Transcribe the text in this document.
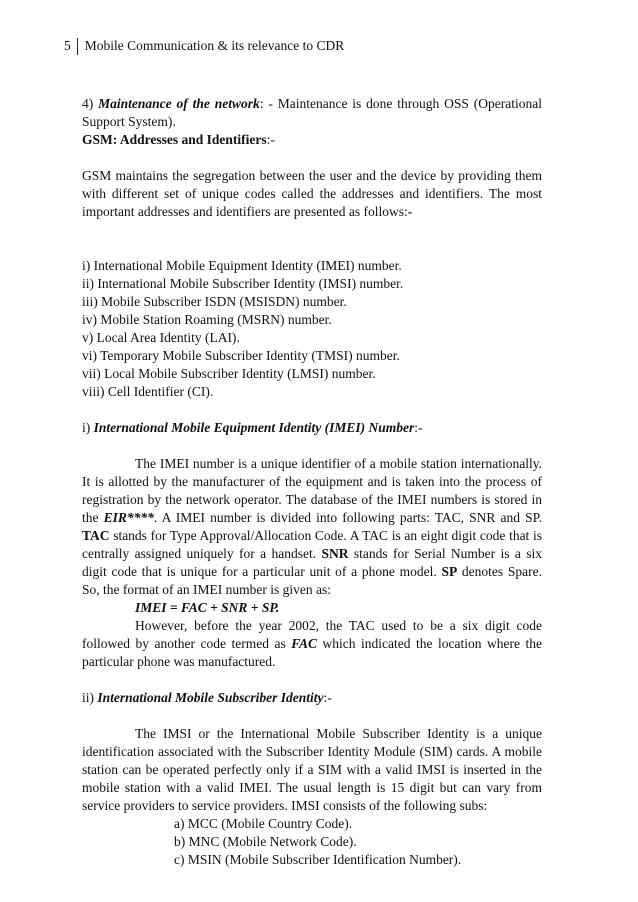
5	Mobile Communication & its relevance to CDR

4) Maintenance of the network: - Maintenance is done through OSS (Operational Support System).

GSM: Addresses and Identifiers:-

GSM maintains the segregation between the user and the device by providing them with different set of unique codes called the addresses and identifiers. The most important addresses and identifiers are presented as follows:-

i) International Mobile Equipment Identity (IMEI) number.

ii) International Mobile Subscriber Identity (IMSI) number.

iii) Mobile Subscriber ISDN (MSISDN) number.

iv) Mobile Station Roaming (MSRN) number.

v) Local Area Identity (LAI).

vi) Temporary Mobile Subscriber Identity (TMSI) number.

vii) Local Mobile Subscriber Identity (LMSI) number.

viii) Cell Identifier (CI).

i) International Mobile Equipment Identity (IMEI) Number:-

The IMEI number is a unique identifier of a mobile station internationally. It is allotted by the manufacturer of the equipment and is taken into the process of registration by the network operator. The database of the IMEI numbers is stored in the EIR****. A IMEI number is divided into following parts: TAC, SNR and SP. TAC stands for Type Approval/Allocation Code. A TAC is an eight digit code that is centrally assigned uniquely for a handset. SNR stands for Serial Number is a six digit code that is unique for a particular unit of a phone model. SP denotes Spare. So, the format of an IMEI number is given as:

IMEI = FAC + SNR + SP.

However, before the year 2002, the TAC used to be a six digit code followed by another code termed as FAC which indicated the location where the particular phone was manufactured.

ii) International Mobile Subscriber Identity:-

The IMSI or the International Mobile Subscriber Identity is a unique identification associated with the Subscriber Identity Module (SIM) cards. A mobile station can be operated perfectly only if a SIM with a valid IMSI is inserted in the mobile station with a valid IMEI. The usual length is 15 digit but can vary from service providers to service providers. IMSI consists of the following subs:

a) MCC (Mobile Country Code).

b) MNC (Mobile Network Code).

c) MSIN (Mobile Subscriber Identification Number).
